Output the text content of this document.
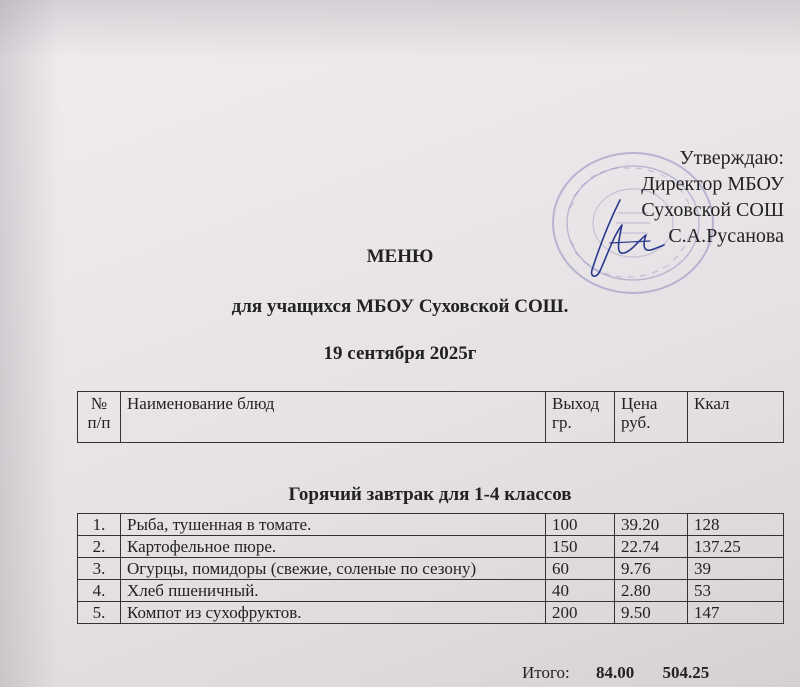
Утверждаю:
Директор МБОУ
Суховской СОШ
С.А.Русанова
МЕНЮ
для учащихся МБОУ Суховской СОШ.
19 сентября 2025г
№ п/п	Наименование блюд	Выход гр.	Цена руб.	Ккал
Горячий завтрак для 1-4 классов
1.	Рыба, тушенная в томате.	100	39.20	128
2.	Картофельное пюре.	150	22.74	137.25
3.	Огурцы, помидоры (свежие, соленые по сезону)	60	9.76	39
4.	Хлеб пшеничный.	40	2.80	53
5.	Компот из сухофруктов.	200	9.50	147
Итого: 84.00 504.25
